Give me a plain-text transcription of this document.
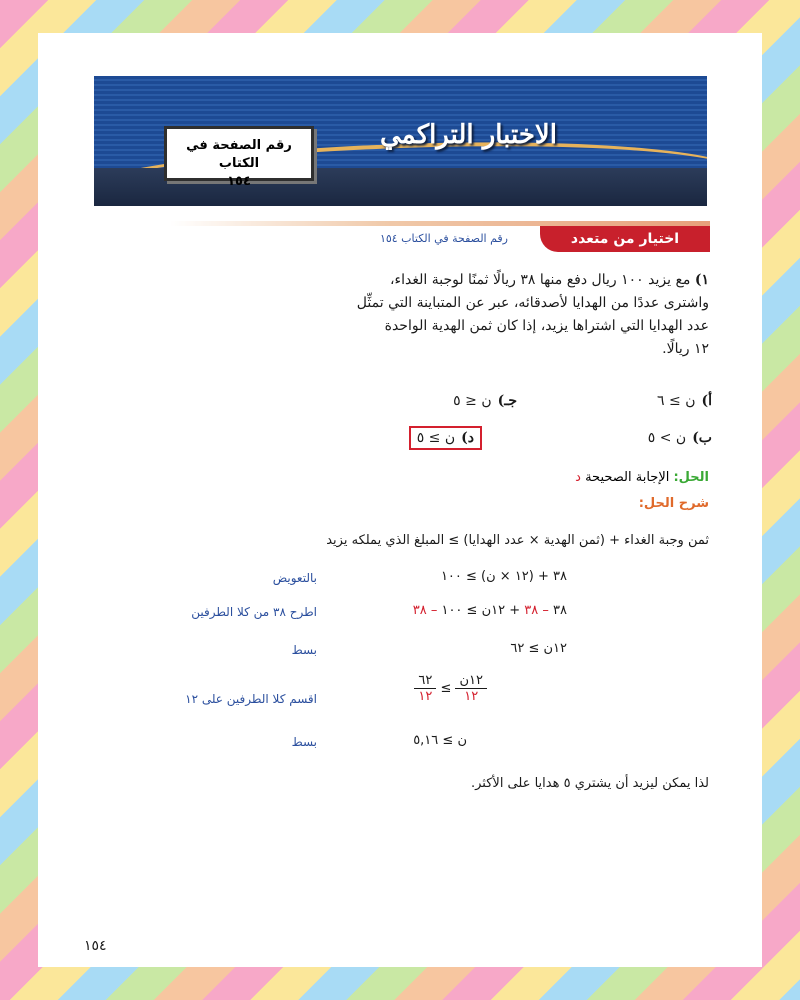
الاختبار التراكمي
رقم الصفحة في الكتاب
١٥٤
اختيار من متعدد
رقم الصفحة في الكتاب ١٥٤
١) مع يزيد ١٠٠ ريال دفع منها ٣٨ ريالًا ثمنًا لوجبة الغداء،
واشترى عددًا من الهدايا لأصدقائه، عبر عن المتباينة التي تمثِّل
عدد الهدايا التي اشتراها يزيد، إذا كان ثمن الهدية الواحدة
١٢ ريالًا.
أ)ن ≥ ٦
جـ)ن ≤ ٥
ب)ن > ٥
د)ن ≥ ٥
الحل: الإجابة الصحيحة د
شرح الحل:
ثمن وجبة الغداء + (ثمن الهدية × عدد الهدايا) ≥ المبلغ الذي يملكه يزيد
٣٨ + (١٢ × ن) ≥ ١٠٠
بالتعويض
٣٨ – ٣٨ + ١٢ن ≥ ١٠٠ – ٣٨
اطرح ٣٨ من كلا الطرفين
١٢ن ≥ ٦٢
بسط
$\frac{\text{١٢ن}}{١٢}$
≥
$\frac{٦٢}{١٢}$
اقسم كلا الطرفين على ١٢
ن ≥ ٥,١٦
بسط
لذا يمكن ليزيد أن يشتري ٥ هدايا على الأكثر.
١٥٤
